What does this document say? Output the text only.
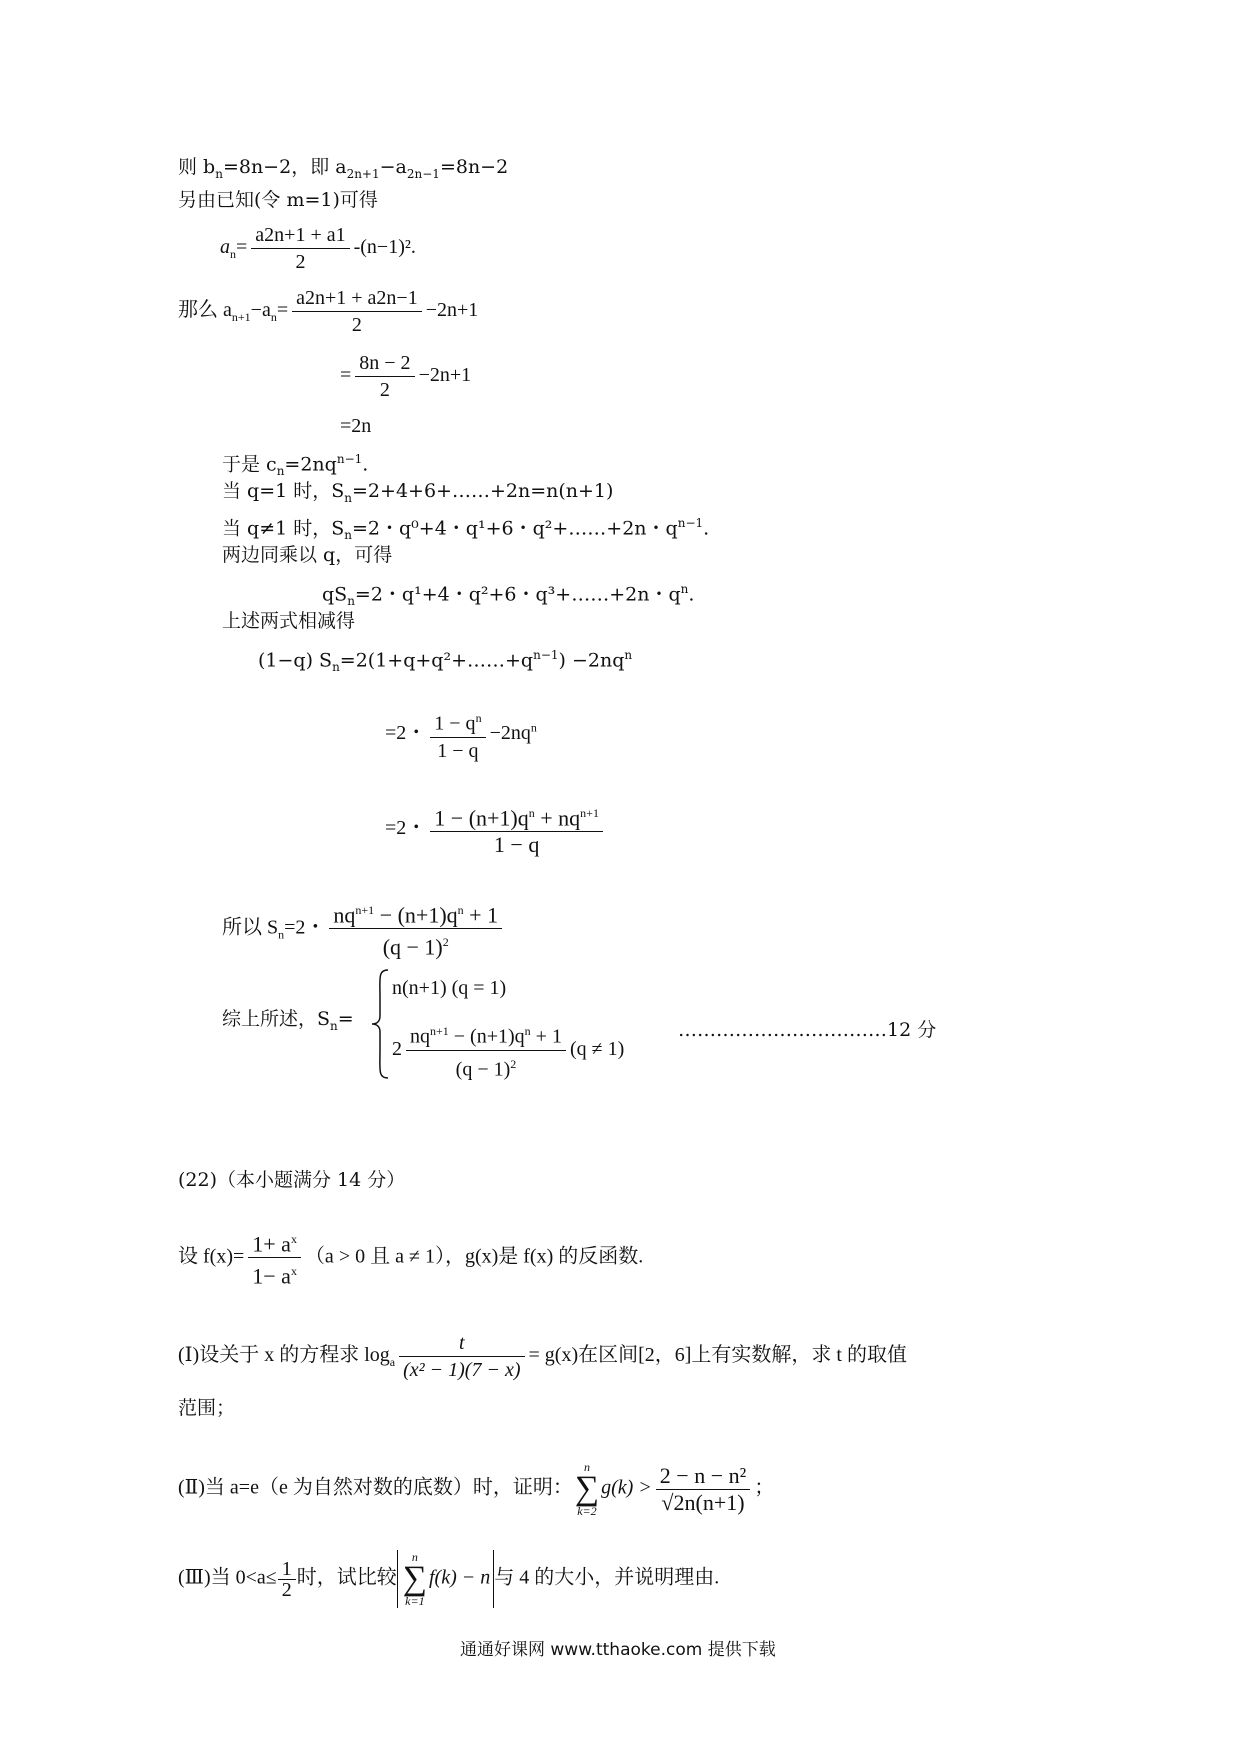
则 $b_n=8n-2$，即 $a_{2n+1}-a_{2n-1}=8n-2$
另由已知(令 m=1)可得
$a_n= \frac{a2n+1 + a1}{2} -(n-1)^2$.
那么 $a_{n+1}-a_n= \frac{a2n+1 + a2n-1}{2} -2n+1$
= $\frac{8n - 2}{2} -2n+1$
=2n
于是 $c_n=2nq^{n-1}$.
当 q=1 时，$S_n=2+4+6+\dots\dots+2n=n(n+1)$
当 q≠1 时，$S_n=2$・q⁰+4・q¹+6・q²+……+2n・$q^{n-1}$.
两边同乘以 q，可得
$qS_n=2$・q¹+4・q²+6・q³+……+2n・$q^n$.
上述两式相减得
(1−q) $S_n=2(1+q+q^2+\dots\dots+q^{n-1}) -2nq^n$
=2・ $\frac{1 - q^n}{1 - q} -2nq^n$
=2・ $\frac{1 - (n+1)q^n + nq^{n+1}}{1 - q}$
所以 $S_n=2$・ $\frac{nq^{n+1} - (n+1)q^n + 1}{(q - 1)^2}$
综上所述，$S_n=$
n(n+1) (q = 1)
$2 \frac{nq^{n+1} - (n+1)q^n + 1}{(q - 1)^2} (q \ne 1)$
……………………………12 分
(22)（本小题满分 14 分）
设 $f(x)= \frac{1+ a^x}{1- a^x} (a > 0$ 且 a ≠ 1），g(x)是 f(x) 的反函数.
(Ⅰ)设关于 x 的方程求 $\log_a \frac{t}{\text{(x² − 1)(7 − x)}} = g(x)$在区间[2，6]上有实数解，求 t 的取值
范围；
(Ⅱ)当 a=e（e 为自然对数的底数）时，证明：
n
∑
k=2
$g(k) > \frac{\text{2 − n − n²}}{√2n(n+1)}$ ；
(Ⅲ)当 $0<a\le \frac{1}{2}$ 时，试比较
n
∑
k=1
f(k) − n 与 4 的大小，并说明理由.
通通好课网 www.tthaoke.com 提供下载
